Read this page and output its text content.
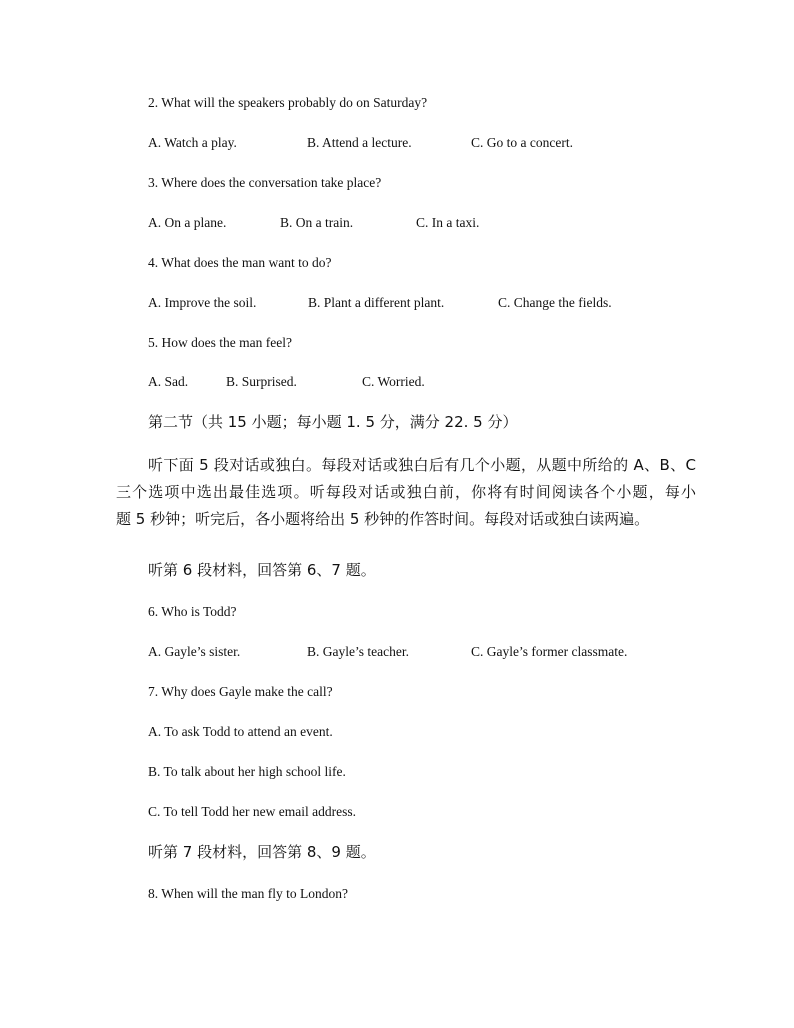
2. What will the speakers probably do on Saturday?
A. Watch a play.	B. Attend a lecture.	C. Go to a concert.
3. Where does the conversation take place?
A. On a plane.	B. On a train.	C. In a taxi.
4. What does the man want to do?
A. Improve the soil.	B. Plant a different plant.	C. Change the fields.
5. How does the man feel?
A. Sad.	B. Surprised.	C. Worried.
第二节（共 15 小题；每小题 1. 5 分，满分 22. 5 分）
听下面 5 段对话或独白。每段对话或独白后有几个小题，从题中所给的 A、B、C
三个选项中选出最佳选项。听每段对话或独白前，你将有时间阅读各个小题，每小
题 5 秒钟；听完后，各小题将给出 5 秒钟的作答时间。每段对话或独白读两遍。
听第 6 段材料，回答第 6、7 题。
6. Who is Todd?
A. Gayle’s sister.	B. Gayle’s teacher.	C. Gayle’s former classmate.
7. Why does Gayle make the call?
A. To ask Todd to attend an event.
B. To talk about her high school life.
C. To tell Todd her new email address.
听第 7 段材料，回答第 8、9 题。
8. When will the man fly to London?
